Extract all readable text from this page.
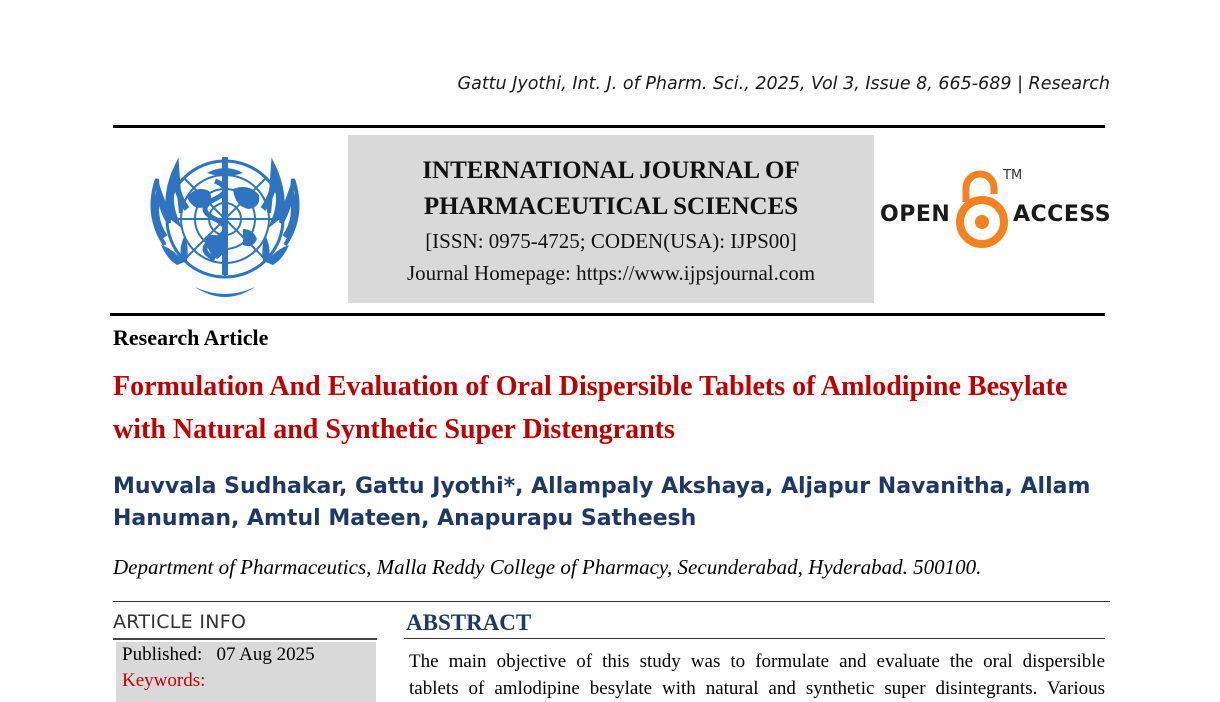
Gattu Jyothi, Int. J. of Pharm. Sci., 2025, Vol 3, Issue 8, 665-689 | Research
INTERNATIONAL JOURNAL OF
PHARMACEUTICAL SCIENCES
[ISSN: 0975-4725; CODEN(USA): IJPS00]
Journal Homepage: https://www.ijpsjournal.com
OPEN
TM
ACCESS
Research Article
Formulation And Evaluation of Oral Dispersible Tablets of Amlodipine Besylate with Natural and Synthetic Super Distengrants
Muvvala Sudhakar, Gattu Jyothi*, Allampaly Akshaya, Aljapur Navanitha, Allam Hanuman, Amtul Mateen, Anapurapu Satheesh
Department of Pharmaceutics, Malla Reddy College of Pharmacy, Secunderabad, Hyderabad. 500100.
ARTICLE INFO
Published: 07 Aug 2025
Keywords:
ABSTRACT
The main objective of this study was to formulate and evaluate the oral dispersible
tablets of amlodipine besylate with natural and synthetic super disintegrants. Various
